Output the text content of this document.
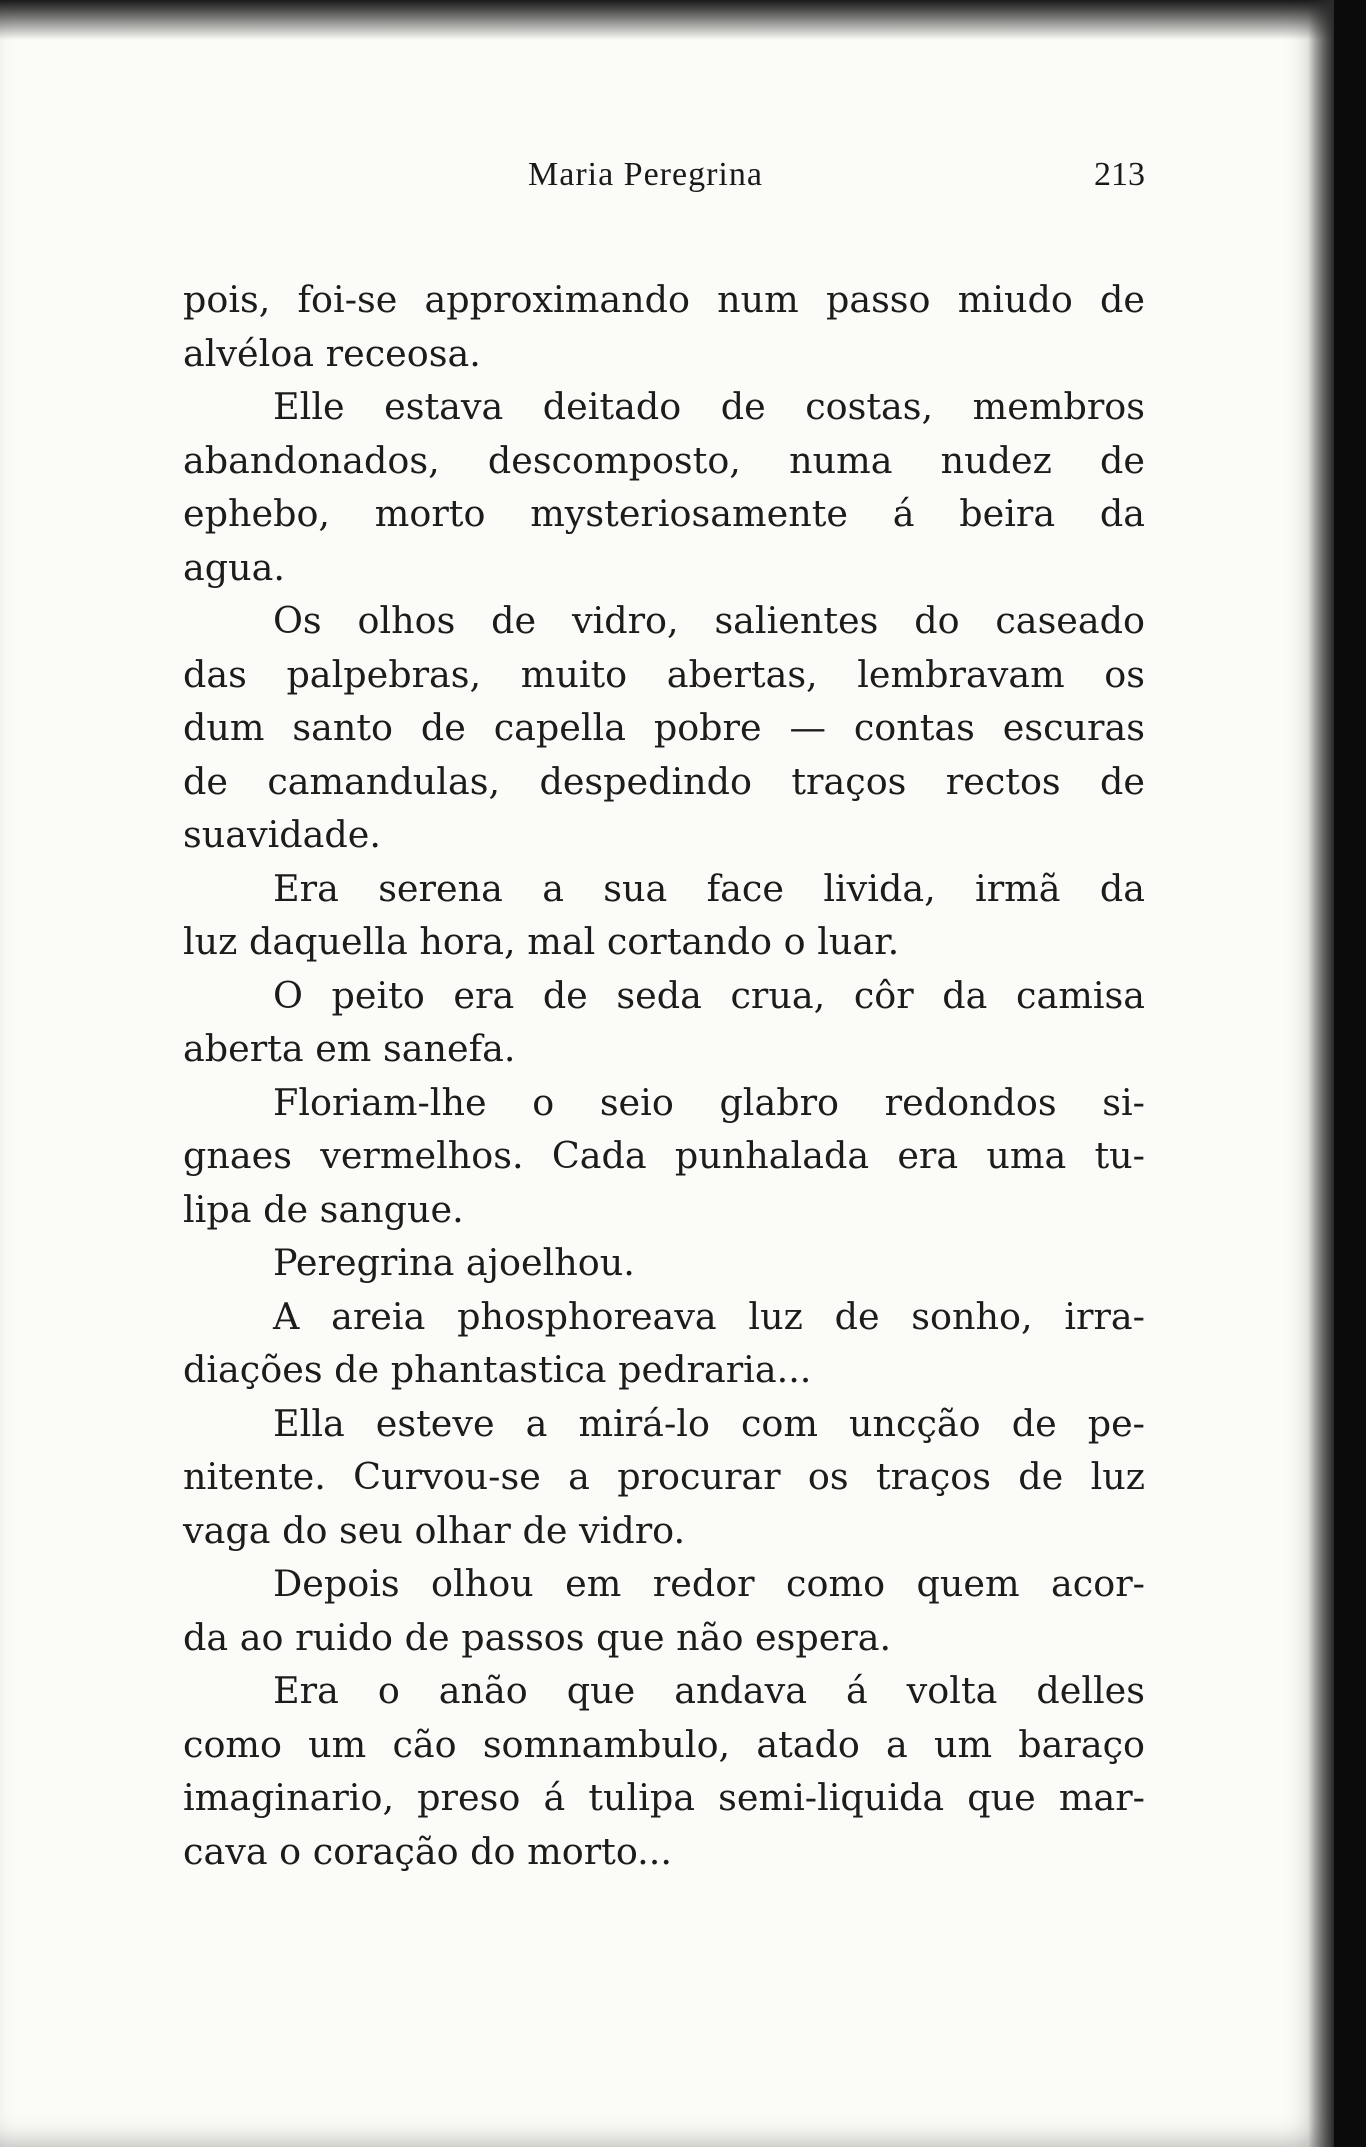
Maria Peregrina	213
pois, foi-se approximando num passo miudo de
alvéloa receosa.
Elle estava deitado de costas, membros
abandonados, descomposto, numa nudez de
ephebo, morto mysteriosamente á beira da
agua.
Os olhos de vidro, salientes do caseado
das palpebras, muito abertas, lembravam os
dum santo de capella pobre — contas escuras
de camandulas, despedindo traços rectos de
suavidade.
Era serena a sua face livida, irmã da
luz daquella hora, mal cortando o luar.
O peito era de seda crua, côr da camisa
aberta em sanefa.
Floriam-lhe o seio glabro redondos si-
gnaes vermelhos. Cada punhalada era uma tu-
lipa de sangue.
Peregrina ajoelhou.
A areia phosphoreava luz de sonho, irra-
diações de phantastica pedraria...
Ella esteve a mirá-lo com uncção de pe-
nitente. Curvou-se a procurar os traços de luz
vaga do seu olhar de vidro.
Depois olhou em redor como quem acor-
da ao ruido de passos que não espera.
Era o anão que andava á volta delles
como um cão somnambulo, atado a um baraço
imaginario, preso á tulipa semi-liquida que mar-
cava o coração do morto...
